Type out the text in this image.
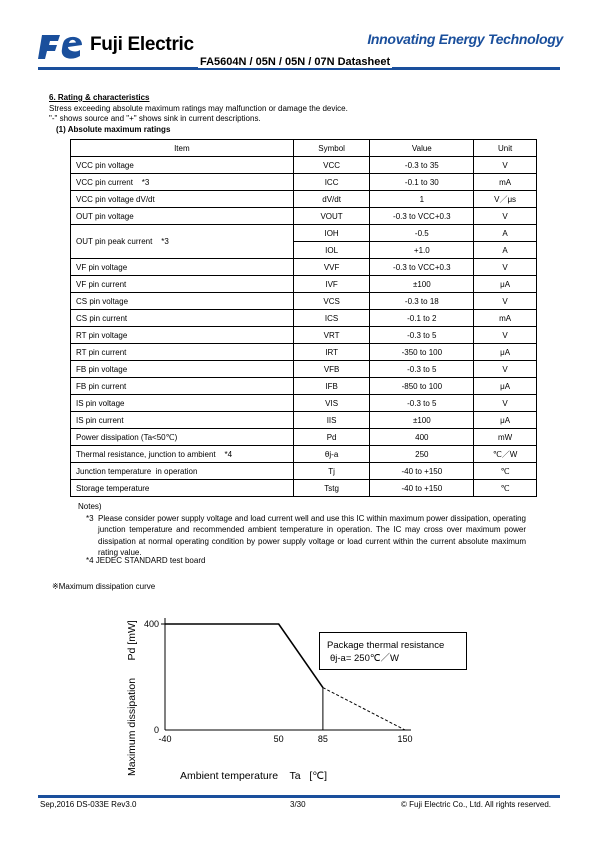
Fuji Electric	Innovating Energy Technology
FA5604N / 05N / 05N / 07N Datasheet
6. Rating & characteristics
Stress exceeding absolute maximum ratings may malfunction or damage the device.
"-" shows source and "+" shows sink in current descriptions.
(1) Absolute maximum ratings
Item	Symbol	Value	Unit
VCC pin voltage	VCC	-0.3 to 35	V
VCC pin current    *3	ICC	-0.1 to 30	mA
VCC pin voltage dV/dt	dV/dt	1	V／μs
OUT pin voltage	VOUT	-0.3 to VCC+0.3	V
OUT pin peak current    *3	IOH	-0.5	A
	IOL	+1.0	A
VF pin voltage	VVF	-0.3 to VCC+0.3	V
VF pin current	IVF	±100	μA
CS pin voltage	VCS	-0.3 to 18	V
CS pin current	ICS	-0.1 to 2	mA
RT pin voltage	VRT	-0.3 to 5	V
RT pin current	IRT	-350 to 100	μA
FB pin voltage	VFB	-0.3 to 5	V
FB pin current	IFB	-850 to 100	μA
IS pin voltage	VIS	-0.3 to 5	V
IS pin current	IIS	±100	μA
Power dissipation (Ta<50℃)	Pd	400	mW
Thermal resistance, junction to ambient    *4	θj-a	250	℃／W
Junction temperature  in operation	Tj	-40 to +150	℃
Storage temperature	Tstg	-40 to +150	℃
Notes)
*3 Please consider power supply voltage and load current well and use this IC within maximum power dissipation, operating junction temperature and recommended ambient temperature in operation. The IC may cross over maximum power dissipation at normal operating condition by power supply voltage or load current within the current absolute maximum rating value.
*4 JEDEC STANDARD test board
※Maximum dissipation curve
-40	50	85	150
0
400
Ambient temperature    Ta   [℃]
Maximum dissipation      Pd [mW]	Package thermal resistance
θj-a= 250℃／W
Sep,2016 DS-033E Rev3.0	3/30	© Fuji Electric Co., Ltd. All rights reserved.
